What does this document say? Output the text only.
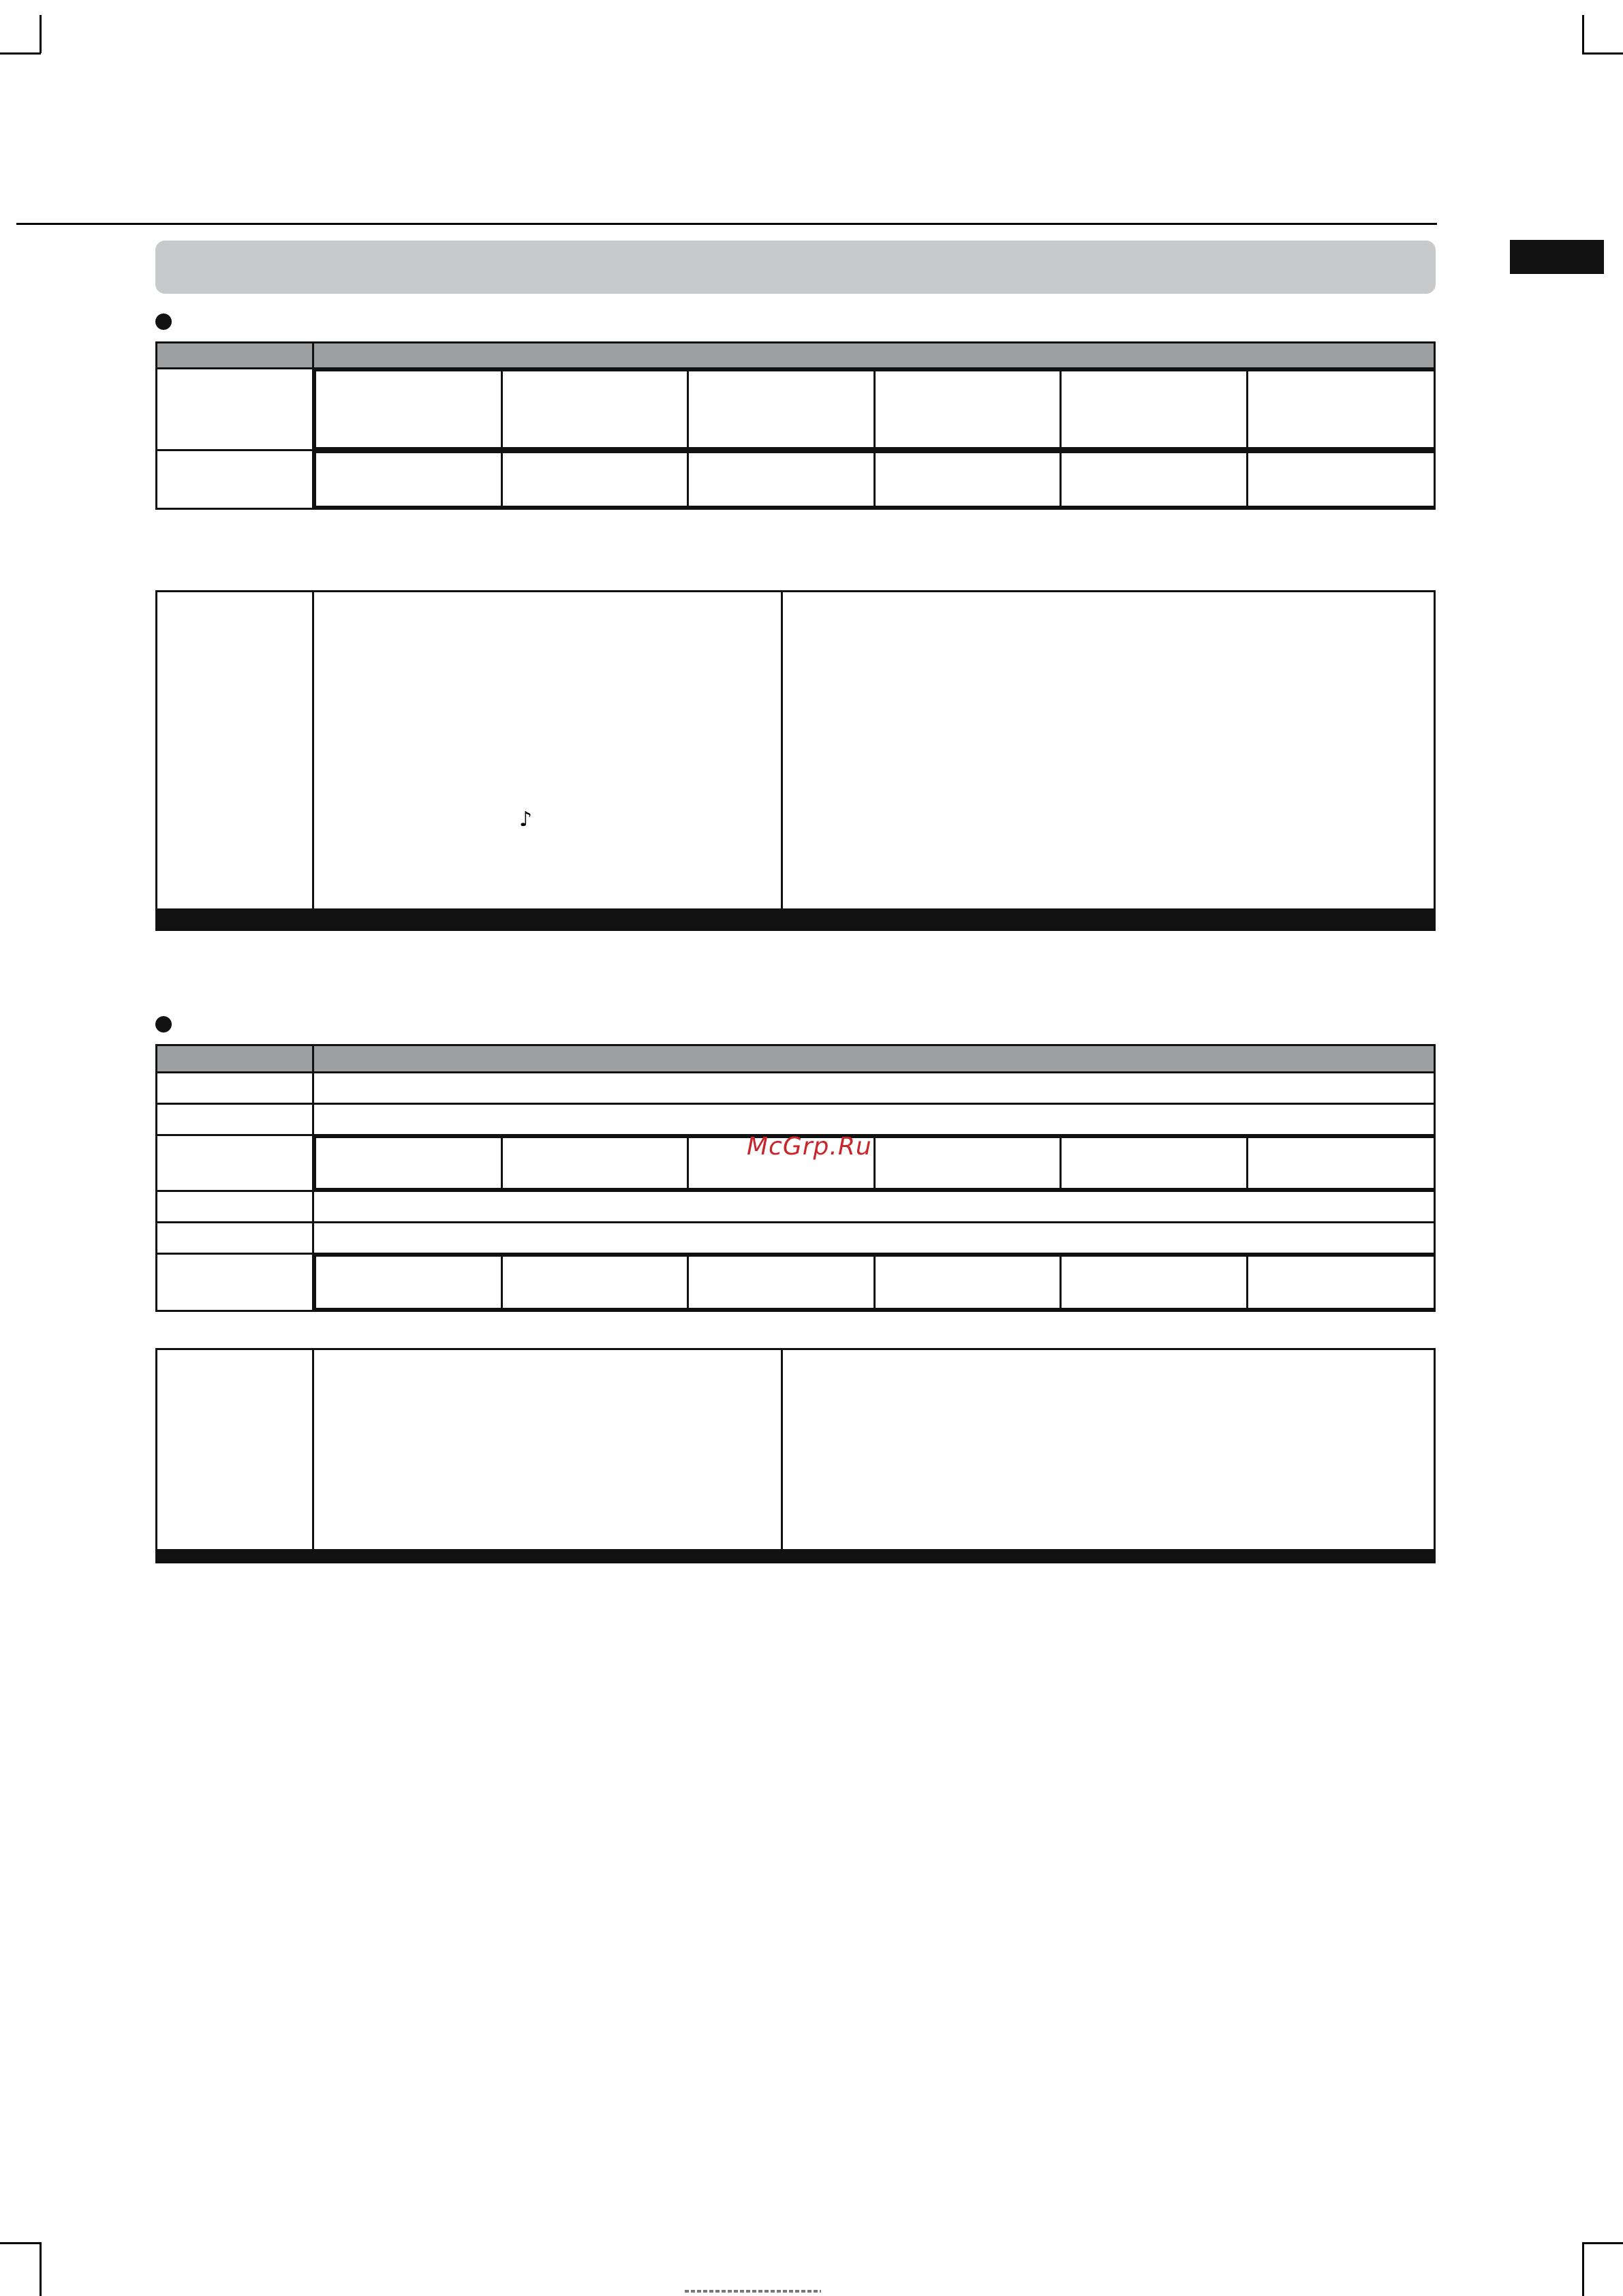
♪

McGrp.Ru
